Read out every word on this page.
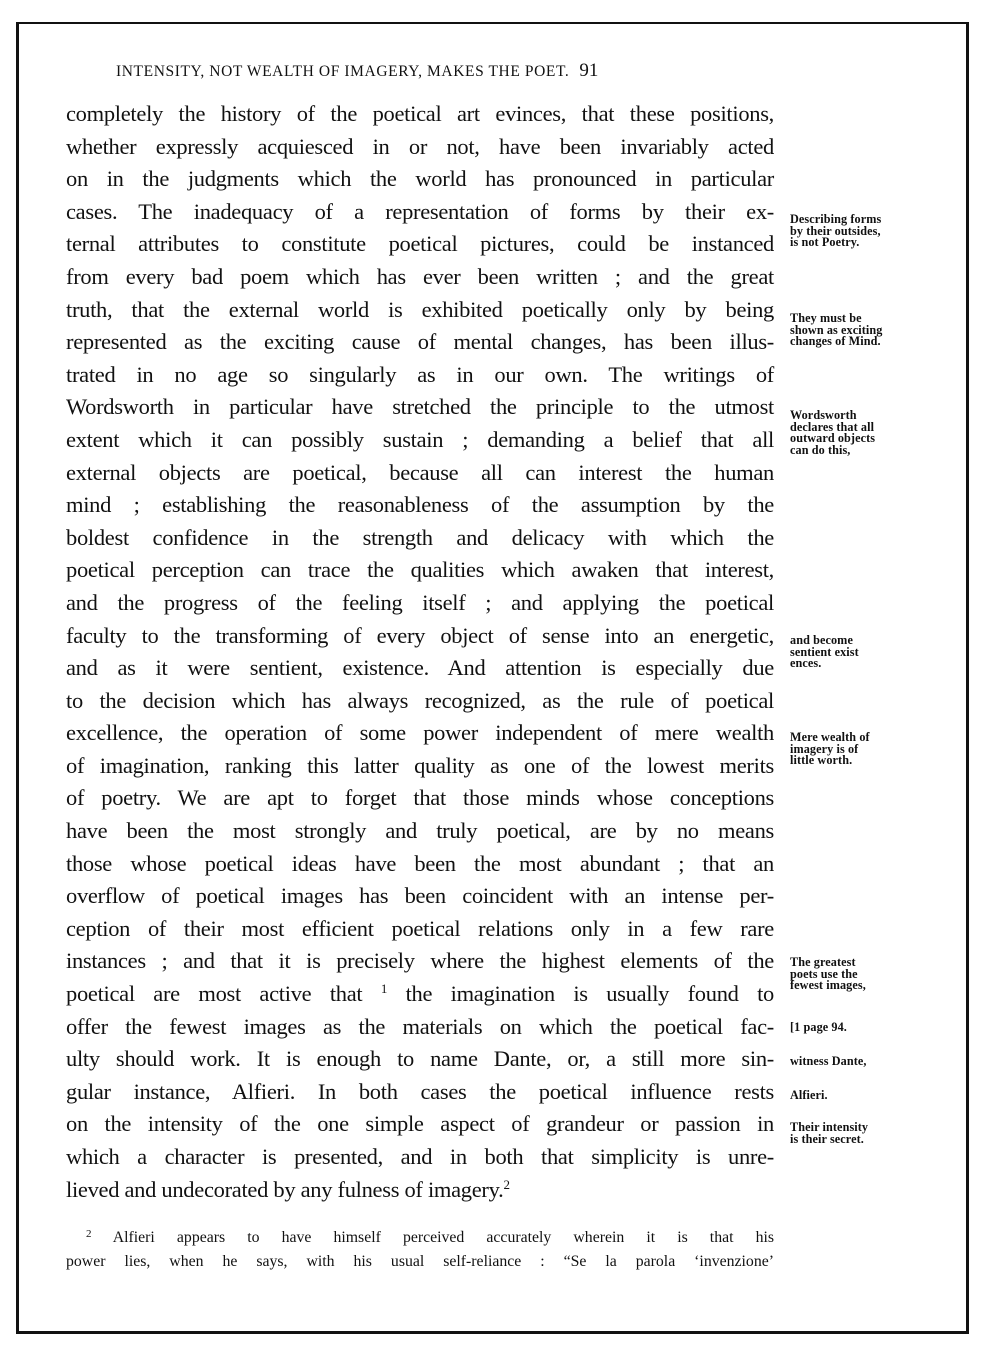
INTENSITY, NOT WEALTH OF IMAGERY, MAKES THE POET. 91
completely the history of the poetical art evinces, that these positions,
whether expressly acquiesced in or not, have been invariably acted
on in the judgments which the world has pronounced in particular
cases. The inadequacy of a representation of forms by their ex-
ternal attributes to constitute poetical pictures, could be instanced
from every bad poem which has ever been written ; and the great
truth, that the external world is exhibited poetically only by being
represented as the exciting cause of mental changes, has been illus-
trated in no age so singularly as in our own. The writings of
Wordsworth in particular have stretched the principle to the utmost
extent which it can possibly sustain ; demanding a belief that all
external objects are poetical, because all can interest the human
mind ; establishing the reasonableness of the assumption by the
boldest confidence in the strength and delicacy with which the
poetical perception can trace the qualities which awaken that interest,
and the progress of the feeling itself ; and applying the poetical
faculty to the transforming of every object of sense into an energetic,
and as it were sentient, existence. And attention is especially due
to the decision which has always recognized, as the rule of poetical
excellence, the operation of some power independent of mere wealth
of imagination, ranking this latter quality as one of the lowest merits
of poetry. We are apt to forget that those minds whose conceptions
have been the most strongly and truly poetical, are by no means
those whose poetical ideas have been the most abundant ; that an
overflow of poetical images has been coincident with an intense per-
ception of their most efficient poetical relations only in a few rare
instances ; and that it is precisely where the highest elements of the
poetical are most active that $^1$ the imagination is usually found to
offer the fewest images as the materials on which the poetical fac-
ulty should work. It is enough to name Dante, or, a still more sin-
gular instance, Alfieri. In both cases the poetical influence rests
on the intensity of the one simple aspect of grandeur or passion in
which a character is presented, and in both that simplicity is unre-
lieved and undecorated by any fulness of imagery.$^2$
Describing forms
by their outsides,
is not Poetry.
They must be
shown as exciting
changes of Mind.
Wordsworth
declares that all
outward objects
can do this,
and become
sentient exist
ences.
Mere wealth of
imagery is of
little worth.
The greatest
poets use the
fewest images,
[1 page 94.
witness Dante,
Alfieri.
Their intensity
is their secret.
$^2$ Alfieri appears to have himself perceived accurately wherein it is that his
power lies, when he says, with his usual self-reliance : “Se la parola ‘invenzione’
